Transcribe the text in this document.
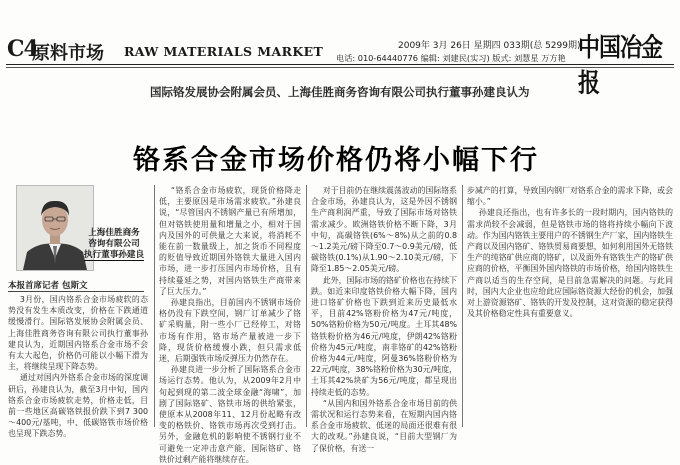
C4
原料市场 RAW MATERIALS MARKET	2009年 3月 26日 星期四 033期(总 5299期)
电话: 010-64440776 编辑: 刘建民(实习) 版式: 刘慧星 万方艳 中国冶金报
国际铬发展协会附属会员、上海佳胜商务咨询有限公司执行董事孙建良认为
铬系合金市场价格仍将小幅下行
上海佳胜商务
咨询有限公司
执行董事孙建良
本报首席记者 包斯文

3月份，国内铬系合金市场疲软的态势没有发生本质改变，价格在下跌通道缓慢滑行。国际铬发展协会附属会员、上海佳胜商务咨询有限公司执行董事孙建良认为，近期国内铬系合金市场不会有太大起色，价格仍可能以小幅下滑为主，将继续呈现下降态势。

通过对国内外铬系合金市场的深度调研后，孙建良认为，截至3月中旬，国内铬系合金市场疲软走势，价格走低，目前一些地区高碳铬铁报价跌下到7 300～400元/基吨，中、低碳铬铁市场价格也呈现下跌态势。

“铬系合金市场疲软，现货价格降走低，主要原因是市场需求疲软。”孙建良说，“尽管国内不锈钢产量已有所增加，但对铬铁使用量和增量之小，相对于国内及国外的可供量之大来说，将消耗不能在前一数量级上，加之货币不同程度的贬值导致近期国外铬铁大量进入国内市场，进一步打压国内市场价格，且有持续蔓延之势，对国内铬铁生产商带来了巨大压力。”

孙建良指出，目前国内不锈钢市场价格仍没有下跌空间，钢厂订单减少了铬矿采购量，附一些小厂已经停工，对铬市场有作用，铬市场产量被进一步下降，现货价格缓慢小跌，但只需求低迷，后期强铁市场反弹压力仍然存在。

孙建良进一步分析了国际铬系合金市场运行态势。他认为，从2009年2月中旬起到现的第二波全球金融“海啸”，加剧了国际铬矿、铬铁市场的供给紧张，使原本从2008年11、12月份起略有改变的格铁价、铬铁市场再次受到打击。另外，金融危机的影响使不锈钢行业不可避免一定冲击意产能，国际铬矿、铬铁价过剩产能将继续存在。

对于目前仍在继续震荡波动的国际铬系合金市场，孙建良认为，这是外因不锈钢生产商利润严重，导致了国际市场对铬铁需求减少。欧洲铬铁价格不断下降，3月中旬，高碳铬铁(6%～8%)从之前的0.8～1.2美元/磅下降至0.7～0.9美元/磅，低碳铬铁(0.1%)从1.90～2.10美元/磅，下降至1.85～2.05美元/磅。

此外，国际市场的铬矿价格也在持续下跌。如近来印度铬铁价格大幅下降，国内进口铬矿价格也下跌到近来历史最低水平，目前42%铬粉价格为47元/吨度，50%铬粉价格为50元/吨度。土耳其48%铬铁粉价格为46元/吨度，伊朗42%铬粉价格为45元/吨度，南非铬矿的42%铬粉价格为44元/吨度，阿曼36%铬粉价格为22元/吨度，38%铬粉价格为30元/吨度，土耳其42%块矿为56元/吨度，都呈现出持续走低的态势。

“从国内和国外铬系合金市场目前的供需状况和运行态势来看，在短期内国内铬系合金市场疲软、低迷的局面还很难有很大的改观。”孙建良说，“目前大型钢厂为了保价格，有送一

步减产的打算，导致国内钢厂对铬系合金的需求下降，或会缩小。”

孙建良还指出，也有许多长的一段时期内，国内铬铁的需求尚较不会减弱，但是铬铁市场的铬将持续小幅向下波动。作为国内铬铁主要用户的不锈钢生产厂家，国内铬铁生产商以及国内铬矿、铬铁贸易商要想，如何利用国外无铬铁生产的纯铬矿供应商的铬矿，以及面外有铬铁生产的铬矿供应商的价格，平衡国外国内铬铁的市场价格，给国内铬铁生产商以适当的生存空间，是目前急需解决的问题。与此同时，国内大企业也应给此应国际铬资源大经份的机会，加强对上游资源铬矿、铬铁的开发及控制，这对资源的稳定获得及其价格稳定性具有重要意义。
